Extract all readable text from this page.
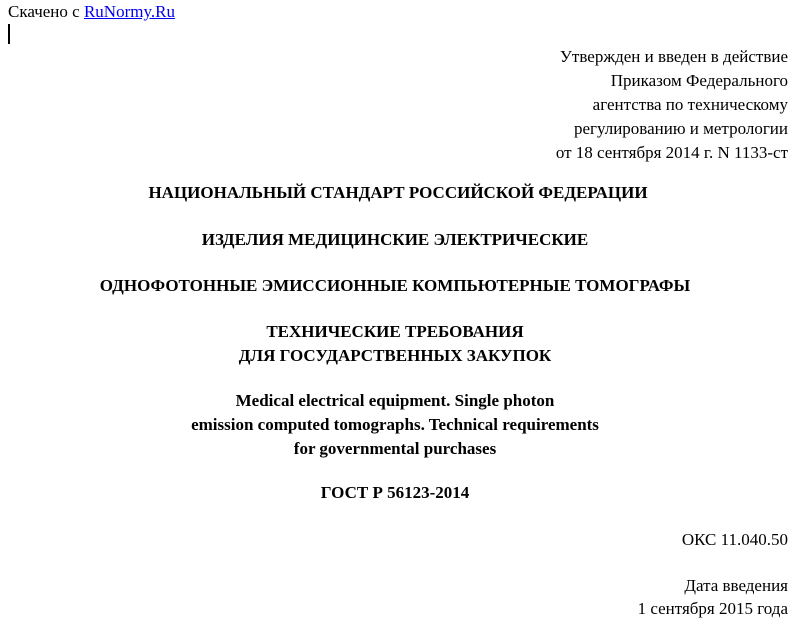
Скачено с RuNormy.Ru
Утвержден и введен в действие
Приказом Федерального
агентства по техническому
регулированию и метрологии
от 18 сентября 2014 г. N 1133-ст
НАЦИОНАЛЬНЫЙ СТАНДАРТ РОССИЙСКОЙ ФЕДЕРАЦИИ
ИЗДЕЛИЯ МЕДИЦИНСКИЕ ЭЛЕКТРИЧЕСКИЕ
ОДНОФОТОННЫЕ ЭМИССИОННЫЕ КОМПЬЮТЕРНЫЕ ТОМОГРАФЫ
ТЕХНИЧЕСКИЕ ТРЕБОВАНИЯ
ДЛЯ ГОСУДАРСТВЕННЫХ ЗАКУПОК
Medical electrical equipment. Single photon
emission computed tomographs. Technical requirements
for governmental purchases
ГОСТ Р 56123-2014
ОКС 11.040.50
Дата введения
1 сентября 2015 года
